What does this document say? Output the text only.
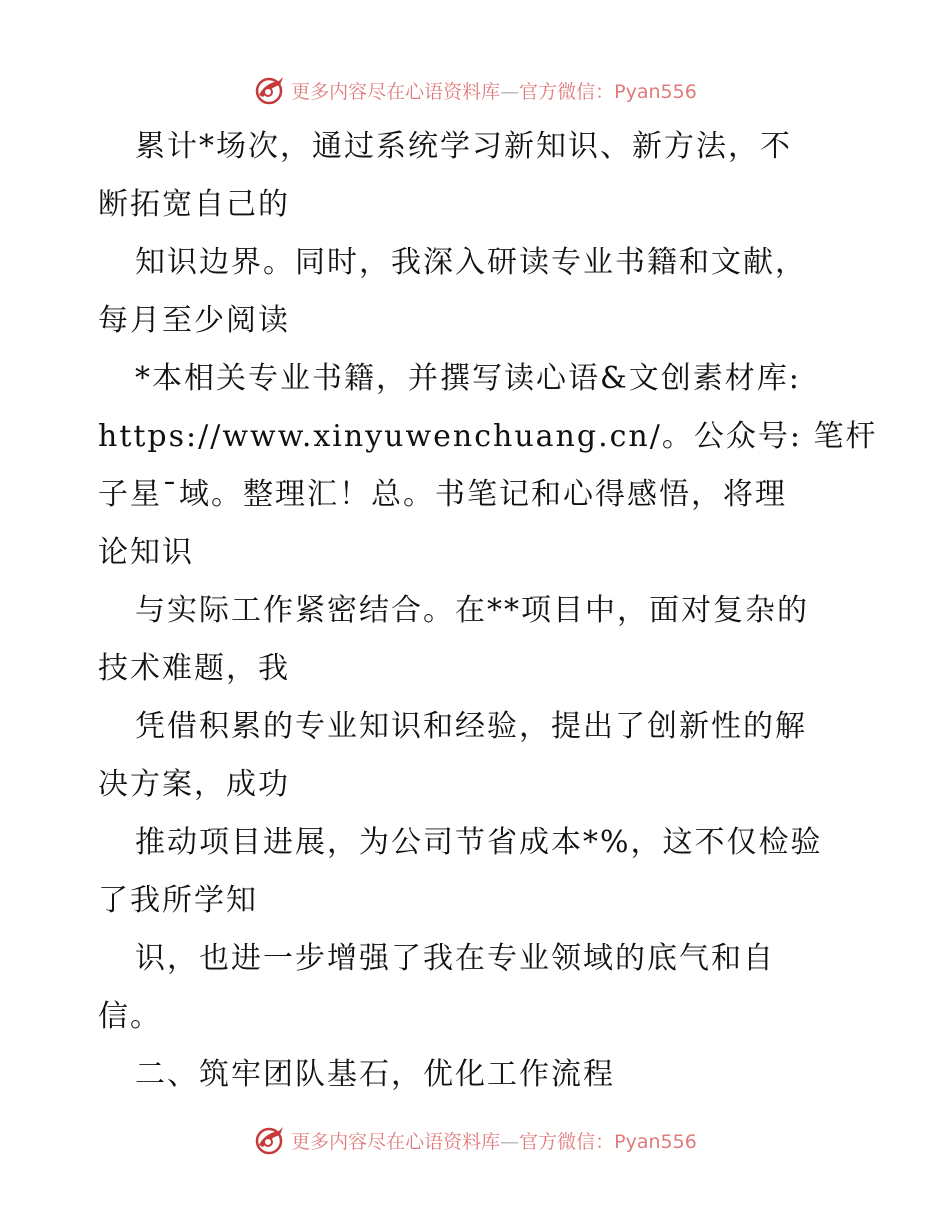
更多内容尽在心语资料库—官方微信：Pyan556
累计*场次，通过系统学习新知识、新方法，不
断拓宽自己的
知识边界。同时，我深入研读专业书籍和文献，
每月至少阅读
*本相关专业书籍，并撰写读心语&文创素材库:
https://www.xinyuwenchuang.cn/。公众号: 笔杆
子星¯域。整理汇！总。书笔记和心得感悟，将理
论知识
与实际工作紧密结合。在**项目中，面对复杂的
技术难题，我
凭借积累的专业知识和经验，提出了创新性的解
决方案，成功
推动项目进展，为公司节省成本*%，这不仅检验
了我所学知
识，也进一步增强了我在专业领域的底气和自
信。
二、筑牢团队基石，优化工作流程
更多内容尽在心语资料库—官方微信：Pyan556
